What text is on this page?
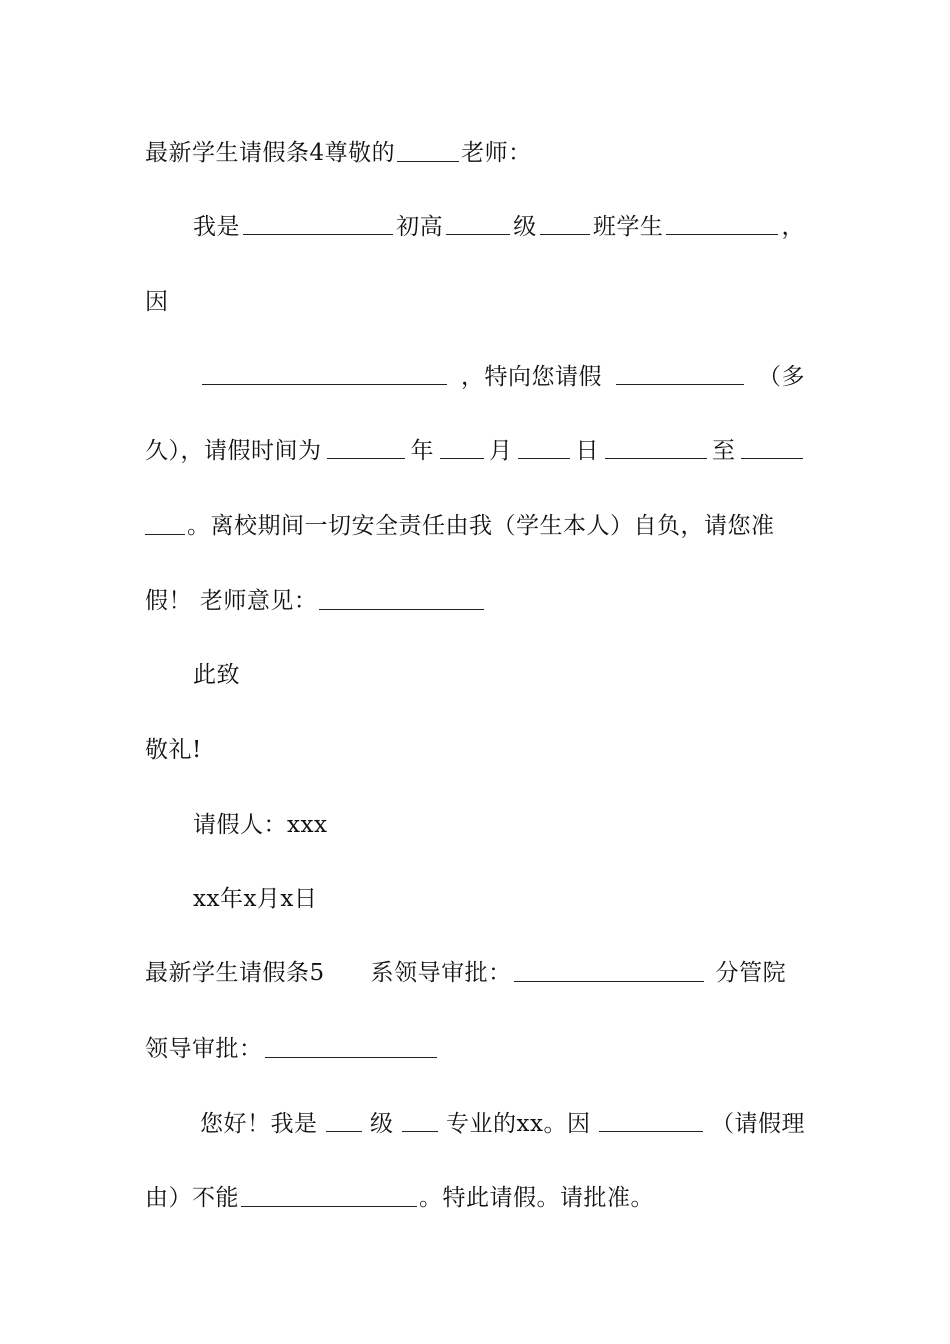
最新学生请假条4尊敬的	老师：
我是	初高	级 班学生	，
因
，特向您请假	（多
久），请假时间为	年 月	日	至
。离校期间一切安全责任由我（学生本人）自负，请您准
假！ 老师意见：
此致
敬礼!
请假人：xxx
xx年x月x日
最新学生请假条5 系领导审批：	分管院
领导审批：
您好！我是 级 专业的xx。因	（请假理
由）不能	。特此请假。请批准。
